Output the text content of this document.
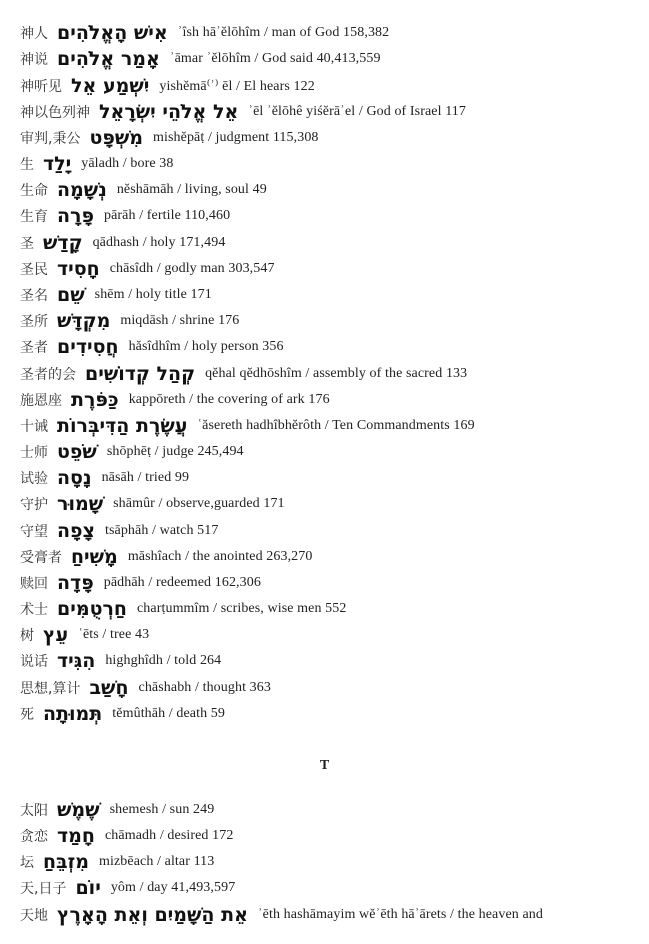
神人 אִישׁ הָאֱלֹהִים ʾîsh hāʾĕlōhîm / man of God 158,382
神说 אָמַר אֱלֹהִים ʾāmar ʾĕlōhîm / God said 40,413,559
神听见 יִשְׁמַע אֵל yishĕmā⁽ʾ⁾ ēl / El hears 122
神以色列神 אֵל אֱלֹהֵי יִשְׂרָאֵל ʾēl ʾĕlōhê yiśĕrāʾel / God of Israel 117
审判,秉公 מִשְׁפָּט mishĕpāṭ / judgment 115,308
生 יָלַד yāladh / bore 38
生命 נְשָׁמָה nĕshāmāh / living, soul 49
生育 פָּרָה pārāh / fertile 110,460
圣 קָדַשׁ qādhash / holy 171,494
圣民 חָסִיד chāsîdh / godly man 303,547
圣名 שֵׁם shēm / holy title 171
圣所 מִקְדָּשׁ miqdāsh / shrine 176
圣者 חֲסִידִים hăsîdhîm / holy person 356
圣者的会 קְהַל קְדוֹשִׁים qĕhal qĕdhōshîm / assembly of the sacred 133
施恩座 כַּפֹּרֶת kappōreth / the covering of ark 176
十诫 עֲשֶׂרֶת הַדִּיבְּרוֹת ʿăsereth hadhîbhĕrôth / Ten Commandments 169
士师 שֹׁפֵט shōphēṭ / judge 245,494
试验 נָסָה nāsāh / tried 99
守护 שָׁמוּר shāmûr / observe,guarded 171
守望 צָפָה tsāphāh / watch 517
受膏者 מָשִׁיחַ māshîach / the anointed 263,270
赎回 פָּדָה pādhāh / redeemed 162,306
术士 חַרְטֻמִּים charṭummîm / scribes, wise men 552
树 עֵץ ʿēts / tree 43
说话 הִגִּיד highghîdh / told 264
思想,算计 חָשַׁב chāshabh / thought 363
死 תְּמוּתָה tĕmûthāh / death 59
T
太阳 שֶׁמֶשׁ shemesh / sun 249
贪恋 חָמַד chāmadh / desired 172
坛 מִזְבֵּחַ mizbēach / altar 113
天,日子 יוֹם yôm / day 41,493,597
天地 אֵת הַשָּׁמַיִם וְאֵת הָאָרֶץ ʾēth hashāmayim wĕʾēth hāʾārets / the heaven and
